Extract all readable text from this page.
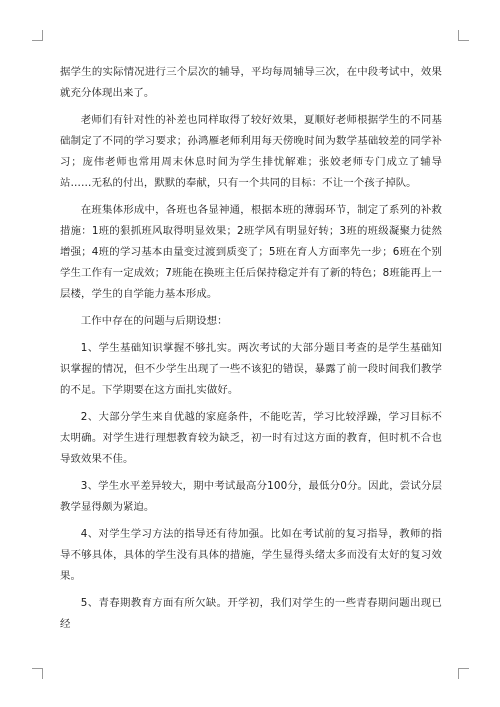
据学生的实际情况进行三个层次的辅导，平均每周辅导三次，在中段考试中，效果就充分体现出来了。

老师们有针对性的补差也同样取得了较好效果，夏顺好老师根据学生的不同基础制定了不同的学习要求；孙鸿雁老师利用每天傍晚时间为数学基础较差的同学补习；庞伟老师也常用周末休息时间为学生排忧解难；张姣老师专门成立了辅导站……无私的付出，默默的奉献，只有一个共同的目标：不让一个孩子掉队。

在班集体形成中，各班也各显神通，根据本班的薄弱环节，制定了系列的补救措施：1班的狠抓班风取得明显效果；2班学风有明显好转；3班的班级凝聚力徒然增强；4班的学习基本由量变过渡到质变了；5班在育人方面率先一步；6班在个别学生工作有一定成效；7班能在换班主任后保持稳定并有了新的特色；8班能再上一层楼，学生的自学能力基本形成。

工作中存在的问题与后期设想：

1、学生基础知识掌握不够扎实。两次考试的大部分题目考查的是学生基础知识掌握的情况，但不少学生出现了一些不该犯的错误，暴露了前一段时间我们教学的不足。下学期要在这方面扎实做好。

2、大部分学生来自优越的家庭条件，不能吃苦，学习比较浮躁，学习目标不太明确。对学生进行理想教育较为缺乏，初一时有过这方面的教育，但时机不合也导致效果不佳。

3、学生水平差异较大，期中考试最高分100分，最低分0分。因此，尝试分层教学显得颇为紧迫。

4、对学生学习方法的指导还有待加强。比如在考试前的复习指导，教师的指导不够具体，具体的学生没有具体的措施，学生显得头绪太多而没有太好的复习效果。

5、青春期教育方面有所欠缺。开学初，我们对学生的一些青春期问题出现已经
